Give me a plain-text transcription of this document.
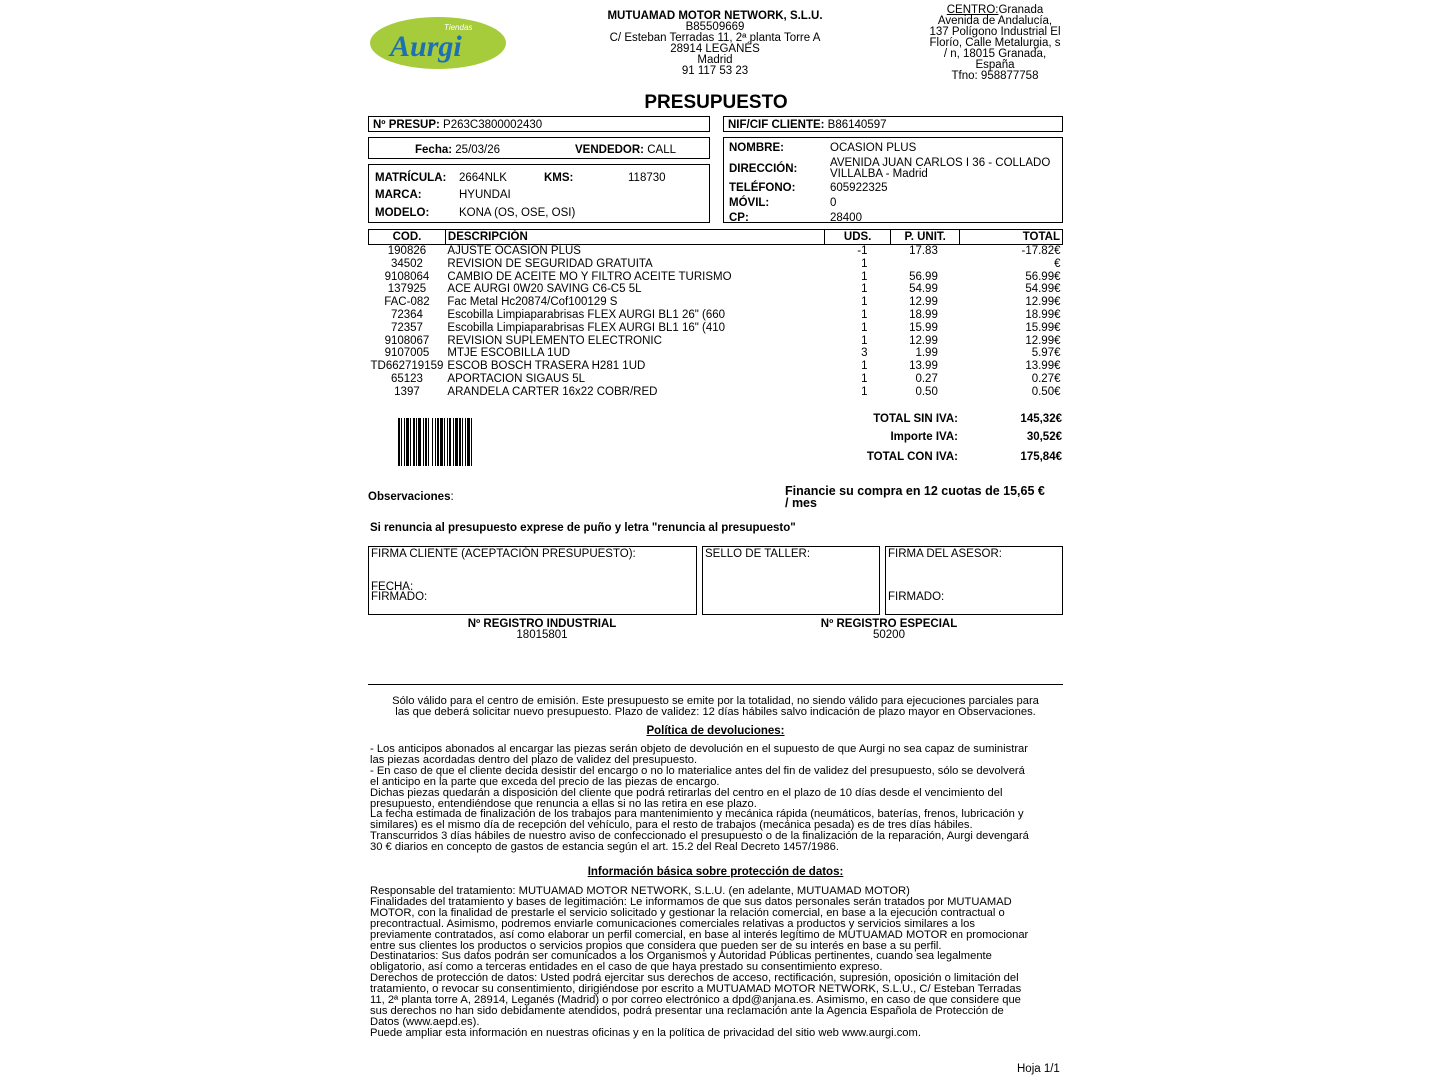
Tiendas
Aurgi
MUTUAMAD MOTOR NETWORK, S.L.U.
B85509669
C/ Esteban Terradas 11, 2ª planta Torre A
28914 LEGANÉS
Madrid
91 117 53 23
CENTRO:Granada
Avenida de Andalucía,
137 Polígono Industrial El
Florío, Calle Metalurgia, s
/ n, 18015 Granada,
España
Tfno: 958877758
PRESUPUESTO
Nº PRESUP: P263C3800002430	NIF/CIF CLIENTE: B86140597
Fecha: 25/03/26	VENDEDOR: CALL
MATRÍCULA: 2664NLK	KMS:	118730
MARCA:	HYUNDAI
MODELO:	KONA (OS, OSE, OSI)
NOMBRE:	OCASION PLUS
DIRECCIÓN:	AVENIDA JUAN CARLOS I 36 - COLLADO
VILLALBA - Madrid
TELÉFONO:	605922325
MÓVIL:	0
CP:	28400
COD.	DESCRIPCIÓN	UDS.	P. UNIT.	TOTAL
190826	AJUSTE OCASION PLUS	-1	17.83	-17.82€
34502	REVISION DE SEGURIDAD GRATUITA	1		€
9108064	CAMBIO DE ACEITE MO Y FILTRO ACEITE TURISMO	1	56.99	56.99€
137925	ACE AURGI 0W20 SAVING C6-C5 5L	1	54.99	54.99€
FAC-082	Fac Metal Hc20874/Cof100129 S	1	12.99	12.99€
72364	Escobilla Limpiaparabrisas FLEX AURGI BL1 26" (660	1	18.99	18.99€
72357	Escobilla Limpiaparabrisas FLEX AURGI BL1 16" (410	1	15.99	15.99€
9108067	REVISION SUPLEMENTO ELECTRONIC	1	12.99	12.99€
9107005	MTJE ESCOBILLA 1UD	3	1.99	5.97€
TD662719159	ESCOB BOSCH TRASERA H281 1UD	1	13.99	13.99€
65123	APORTACION SIGAUS 5L	1	0.27	0.27€
1397	ARANDELA CARTER 16x22 COBR/RED	1	0.50	0.50€
TOTAL SIN IVA:	145,32€
Importe IVA:	30,52€
TOTAL CON IVA:	175,84€
Observaciones:	Financie su compra en 12 cuotas de 15,65 €
/ mes
Si renuncia al presupuesto exprese de puño y letra "renuncia al presupuesto"
FIRMA CLIENTE (ACEPTACIÓN PRESUPUESTO):
FECHA:
FIRMADO:
SELLO DE TALLER:	FIRMA DEL ASESOR:
FIRMADO:
Nº REGISTRO INDUSTRIAL
18015801
Nº REGISTRO ESPECIAL
50200
Sólo válido para el centro de emisión. Este presupuesto se emite por la totalidad, no siendo válido para ejecuciones parciales para
las que deberá solicitar nuevo presupuesto. Plazo de validez: 12 días hábiles salvo indicación de plazo mayor en Observaciones.
Política de devoluciones:
- Los anticipos abonados al encargar las piezas serán objeto de devolución en el supuesto de que Aurgi no sea capaz de suministrar
las piezas acordadas dentro del plazo de validez del presupuesto.
- En caso de que el cliente decida desistir del encargo o no lo materialice antes del fin de validez del presupuesto, sólo se devolverá
el anticipo en la parte que exceda del precio de las piezas de encargo.
Dichas piezas quedarán a disposición del cliente que podrá retirarlas del centro en el plazo de 10 días desde el vencimiento del
presupuesto, entendiéndose que renuncia a ellas si no las retira en ese plazo.
La fecha estimada de finalización de los trabajos para mantenimiento y mecánica rápida (neumáticos, baterías, frenos, lubricación y
similares) es el mismo día de recepción del vehículo, para el resto de trabajos (mecánica pesada) es de tres días hábiles.
Transcurridos 3 días hábiles de nuestro aviso de confeccionado el presupuesto o de la finalización de la reparación, Aurgi devengará
30 € diarios en concepto de gastos de estancia según el art. 15.2 del Real Decreto 1457/1986.
Información básica sobre protección de datos:
Responsable del tratamiento: MUTUAMAD MOTOR NETWORK, S.L.U. (en adelante, MUTUAMAD MOTOR)
Finalidades del tratamiento y bases de legitimación: Le informamos de que sus datos personales serán tratados por MUTUAMAD
MOTOR, con la finalidad de prestarle el servicio solicitado y gestionar la relación comercial, en base a la ejecución contractual o
precontractual. Asimismo, podremos enviarle comunicaciones comerciales relativas a productos y servicios similares a los
previamente contratados, así como elaborar un perfil comercial, en base al interés legítimo de MUTUAMAD MOTOR en promocionar
entre sus clientes los productos o servicios propios que considera que pueden ser de su interés en base a su perfil.
Destinatarios: Sus datos podrán ser comunicados a los Organismos y Autoridad Públicas pertinentes, cuando sea legalmente
obligatorio, así como a terceras entidades en el caso de que haya prestado su consentimiento expreso.
Derechos de protección de datos: Usted podrá ejercitar sus derechos de acceso, rectificación, supresión, oposición o limitación del
tratamiento, o revocar su consentimiento, dirigiéndose por escrito a MUTUAMAD MOTOR NETWORK, S.L.U., C/ Esteban Terradas
11, 2ª planta torre A, 28914, Leganés (Madrid) o por correo electrónico a dpd@anjana.es. Asimismo, en caso de que considere que
sus derechos no han sido debidamente atendidos, podrá presentar una reclamación ante la Agencia Española de Protección de
Datos (www.aepd.es).
Puede ampliar esta información en nuestras oficinas y en la política de privacidad del sitio web www.aurgi.com.
Hoja 1/1
